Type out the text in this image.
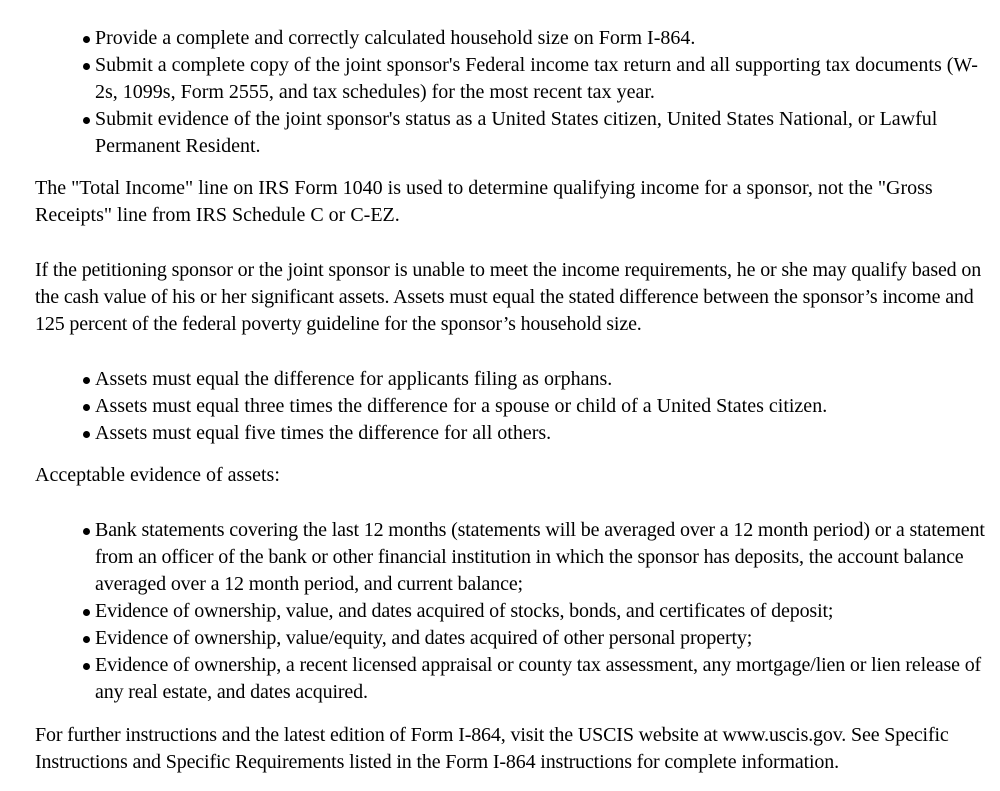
Provide a complete and correctly calculated household size on Form I-864.
Submit a complete copy of the joint sponsor's Federal income tax return and all supporting tax documents (W-2s, 1099s, Form 2555, and tax schedules) for the most recent tax year.
Submit evidence of the joint sponsor's status as a United States citizen, United States National, or Lawful Permanent Resident.

The "Total Income" line on IRS Form 1040 is used to determine qualifying income for a sponsor, not the "Gross Receipts" line from IRS Schedule C or C-EZ.

If the petitioning sponsor or the joint sponsor is unable to meet the income requirements, he or she may qualify based on the cash value of his or her significant assets. Assets must equal the stated difference between the sponsor’s income and 125 percent of the federal poverty guideline for the sponsor’s household size.

Assets must equal the difference for applicants filing as orphans.
Assets must equal three times the difference for a spouse or child of a United States citizen.
Assets must equal five times the difference for all others.

Acceptable evidence of assets:

Bank statements covering the last 12 months (statements will be averaged over a 12 month period) or a statement from an officer of the bank or other financial institution in which the sponsor has deposits, the account balance averaged over a 12 month period, and current balance;
Evidence of ownership, value, and dates acquired of stocks, bonds, and certificates of deposit;
Evidence of ownership, value/equity, and dates acquired of other personal property;
Evidence of ownership, a recent licensed appraisal or county tax assessment, any mortgage/lien or lien release of any real estate, and dates acquired.

For further instructions and the latest edition of Form I-864, visit the USCIS website at www.uscis.gov. See Specific Instructions and Specific Requirements listed in the Form I-864 instructions for complete information.
